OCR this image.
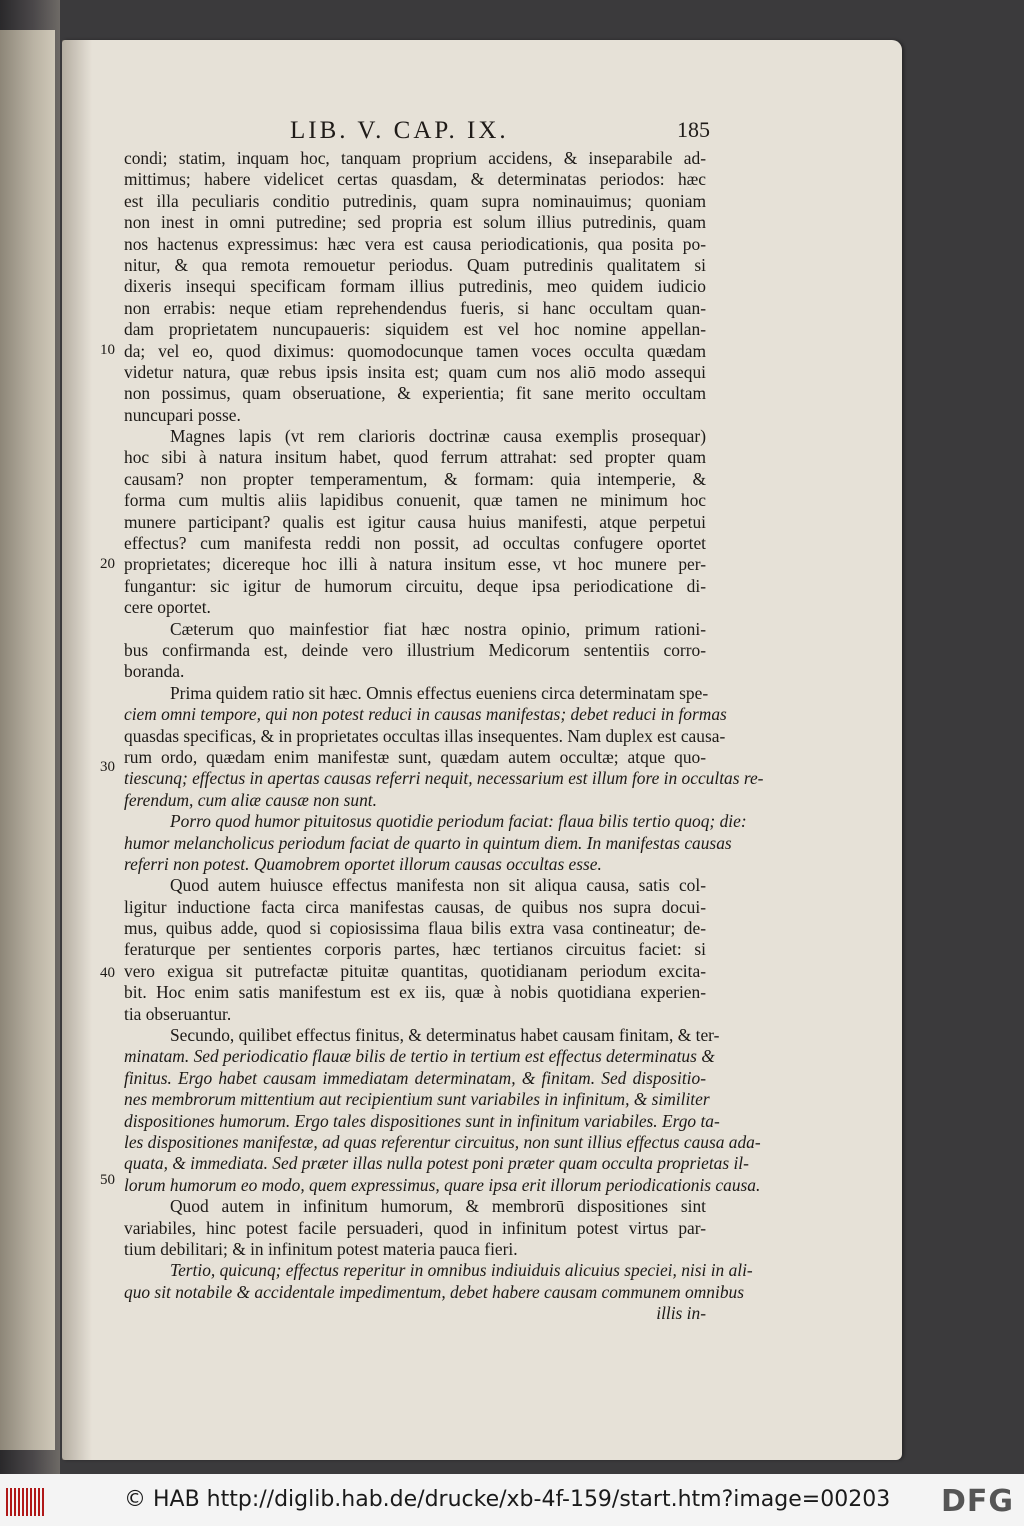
LIB. V. CAP. IX.	185
10
20
30
40
50
condi; statim, inquam hoc, tanquam proprium accidens, & inseparabile ad-
mittimus; habere videlicet certas quasdam, & determinatas periodos: hæc
est illa peculiaris conditio putredinis, quam supra nominauimus; quoniam
non inest in omni putredine; sed propria est solum illius putredinis, quam
nos hactenus expressimus: hæc vera est causa periodicationis, qua posita po-
nitur, & qua remota remouetur periodus. Quam putredinis qualitatem si
dixeris insequi specificam formam illius putredinis, meo quidem iudicio
non errabis: neque etiam reprehendendus fueris, si hanc occultam quan-
dam proprietatem nuncupaueris: siquidem est vel hoc nomine appellan-
da; vel eo, quod diximus: quomodocunque tamen voces occulta quædam
videtur natura, quæ rebus ipsis insita est; quam cum nos aliō modo assequi
non possimus, quam obseruatione, & experientia; fit sane merito occultam
nuncupari posse.
Magnes lapis (vt rem clarioris doctrinæ causa exemplis prosequar)
hoc sibi à natura insitum habet, quod ferrum attrahat: sed propter quam
causam? non propter temperamentum, & formam: quia intemperie, &
forma cum multis aliis lapidibus conuenit, quæ tamen ne minimum hoc
munere participant? qualis est igitur causa huius manifesti, atque perpetui
effectus? cum manifesta reddi non possit, ad occultas confugere oportet
proprietates; dicereque hoc illi à natura insitum esse, vt hoc munere per-
fungantur: sic igitur de humorum circuitu, deque ipsa periodicatione di-
cere oportet.
Cæterum quo mainfestior fiat hæc nostra opinio, primum rationi-
bus confirmanda est, deinde vero illustrium Medicorum sententiis corro-
boranda.
Prima quidem ratio sit hæc. Omnis effectus eueniens circa determinatam spe-
ciem omni tempore, qui non potest reduci in causas manifestas; debet reduci in formas
quasdas specificas, & in proprietates occultas illas insequentes. Nam duplex est causa-
rum ordo, quædam enim manifestæ sunt, quædam autem occultæ; atque quo-
tiescunq; effectus in apertas causas referri nequit, necessarium est illum fore in occultas re-
ferendum, cum aliæ causæ non sunt.
Porro quod humor pituitosus quotidie periodum faciat: flaua bilis tertio quoq; die:
humor melancholicus periodum faciat de quarto in quintum diem. In manifestas causas
referri non potest. Quamobrem oportet illorum causas occultas esse.
Quod autem huiusce effectus manifesta non sit aliqua causa, satis col-
ligitur inductione facta circa manifestas causas, de quibus nos supra docui-
mus, quibus adde, quod si copiosissima flaua bilis extra vasa contineatur; de-
feraturque per sentientes corporis partes, hæc tertianos circuitus faciet: si
vero exigua sit putrefactæ pituitæ quantitas, quotidianam periodum excita-
bit. Hoc enim satis manifestum est ex iis, quæ à nobis quotidiana experien-
tia obseruantur.
Secundo, quilibet effectus finitus, & determinatus habet causam finitam, & ter-
minatam. Sed periodicatio flauæ bilis de tertio in tertium est effectus determinatus &
finitus. Ergo habet causam immediatam determinatam, & finitam. Sed dispositio-
nes membrorum mittentium aut recipientium sunt variabiles in infinitum, & similiter
dispositiones humorum. Ergo tales dispositiones sunt in infinitum variabiles. Ergo ta-
les dispositiones manifestæ, ad quas referentur circuitus, non sunt illius effectus causa ada-
quata, & immediata. Sed præter illas nulla potest poni præter quam occulta proprietas il-
lorum humorum eo modo, quem expressimus, quare ipsa erit illorum periodicationis causa.
Quod autem in infinitum humorum, & membrorū dispositiones sint
variabiles, hinc potest facile persuaderi, quod in infinitum potest virtus par-
tium debilitari; & in infinitum potest materia pauca fieri.
Tertio, quicunq; effectus reperitur in omnibus indiuiduis alicuius speciei, nisi in ali-
quo sit notabile & accidentale impedimentum, debet habere causam communem omnibus
illis in-
© HAB http://diglib.hab.de/drucke/xb-4f-159/start.htm?image=00203 DFG
